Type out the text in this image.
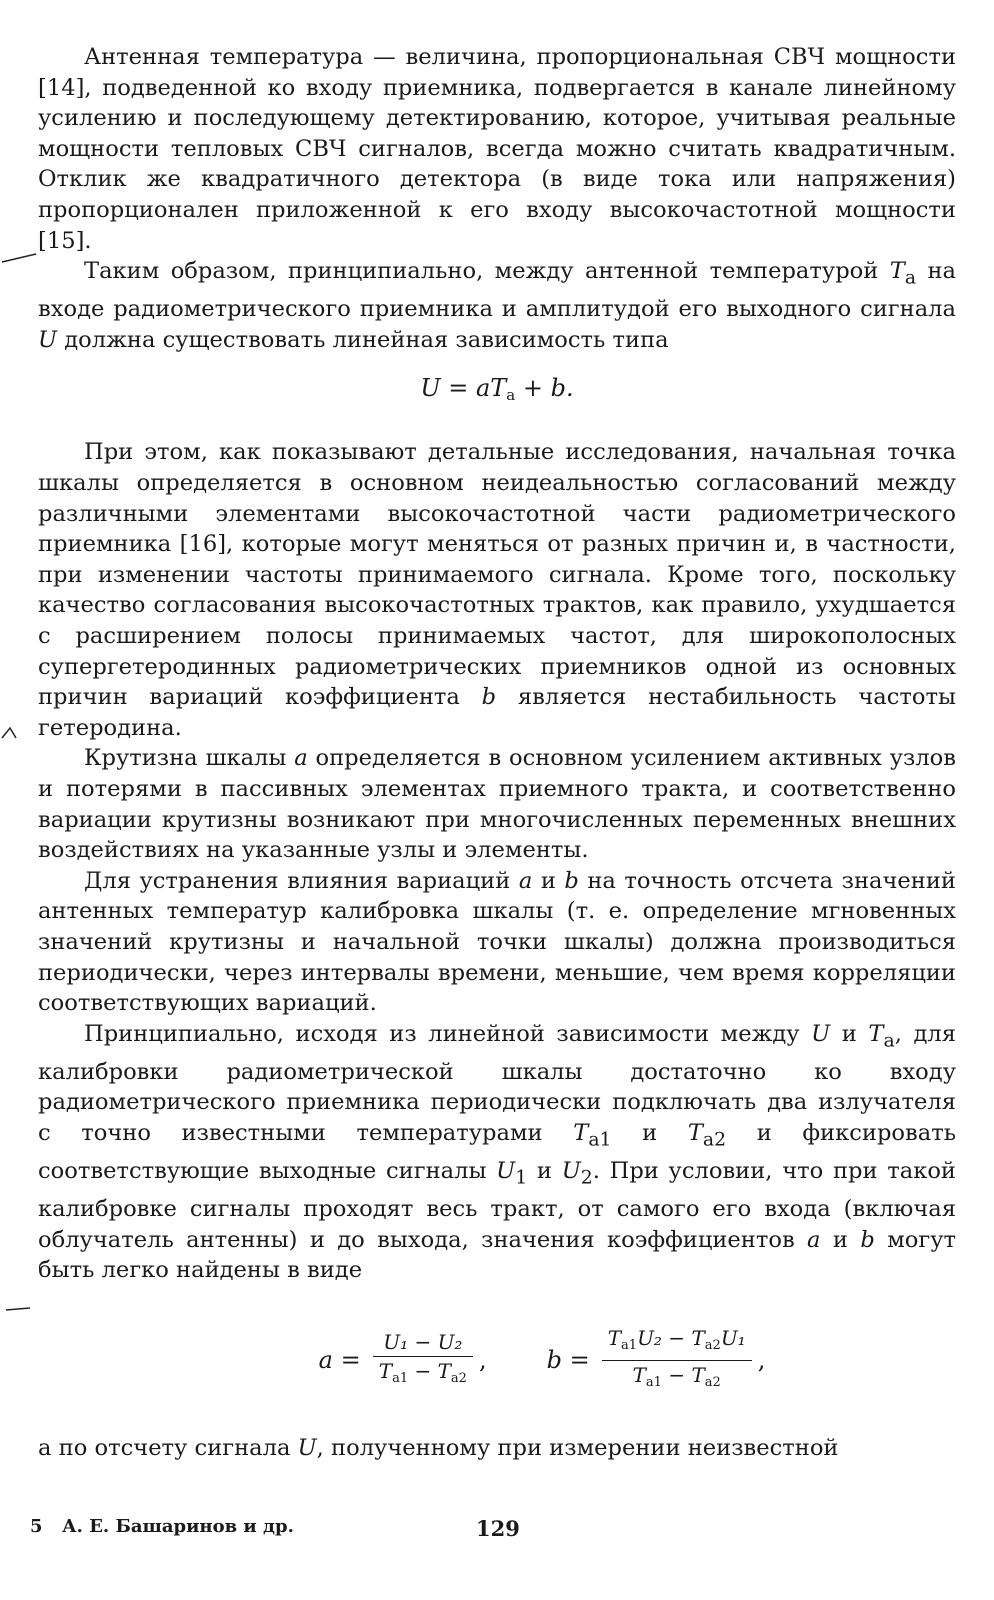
Антенная температура — величина, пропорциональная СВЧ мощности [14], подведенной ко входу приемника, подвергается в канале линейному усилению и последующему детектированию, которое, учитывая реальные мощности тепловых СВЧ сигналов, всегда можно считать квадратичным. Отклик же квадратичного детектора (в виде тока или напряжения) пропорционален приложенной к его входу высокочастотной мощности [15].

Таким образом, принципиально, между антенной температурой $T_а$ на входе радиометрического приемника и амплитудой его выходного сигнала U должна существовать линейная зависимость типа

$U = aT_а + b$.

При этом, как показывают детальные исследования, начальная точка шкалы определяется в основном неидеальностью согласований между различными элементами высокочастотной части радиометрического приемника [16], которые могут меняться от разных причин и, в частности, при изменении частоты принимаемого сигнала. Кроме того, поскольку качество согласования высокочастотных трактов, как правило, ухудшается с расширением полосы принимаемых частот, для широкополосных супергетеродинных радиометрических приемников одной из основных причин вариаций коэффициента b является нестабильность частоты гетеродина.

Крутизна шкалы a определяется в основном усилением активных узлов и потерями в пассивных элементах приемного тракта, и соответственно вариации крутизны возникают при многочисленных переменных внешних воздействиях на указанные узлы и элементы.

Для устранения влияния вариаций a и b на точность отсчета значений антенных температур калибровка шкалы (т. е. определение мгновенных значений крутизны и начальной точки шкалы) должна производиться периодически, через интервалы времени, меньшие, чем время корреляции соответствующих вариаций.

Принципиально, исходя из линейной зависимости между U и $T_а$, для калибровки радиометрической шкалы достаточно ко входу радиометрического приемника периодически подключать два излучателя с точно известными температурами $T_{а1}$ и $T_{а2}$ и фиксировать соответствующие выходные сигналы $U_1$ и $U_2$. При условии, что при такой калибровке сигналы проходят весь тракт, от самого его входа (включая облучатель антенны) и до выхода, значения коэффициентов a и b могут быть легко найдены в виде

$a = \frac{\text{U₁ − U₂}}{T_{а1} - T_{а2}}$ ,	$b = \frac{T_{а1}U_2 - T_{а2}U_1}{T_{а1} - T_{а2}}$ ,

а по отсчету сигнала U, полученному при измерении неизвестной

5 А. Е. Башаринов и др.	129
